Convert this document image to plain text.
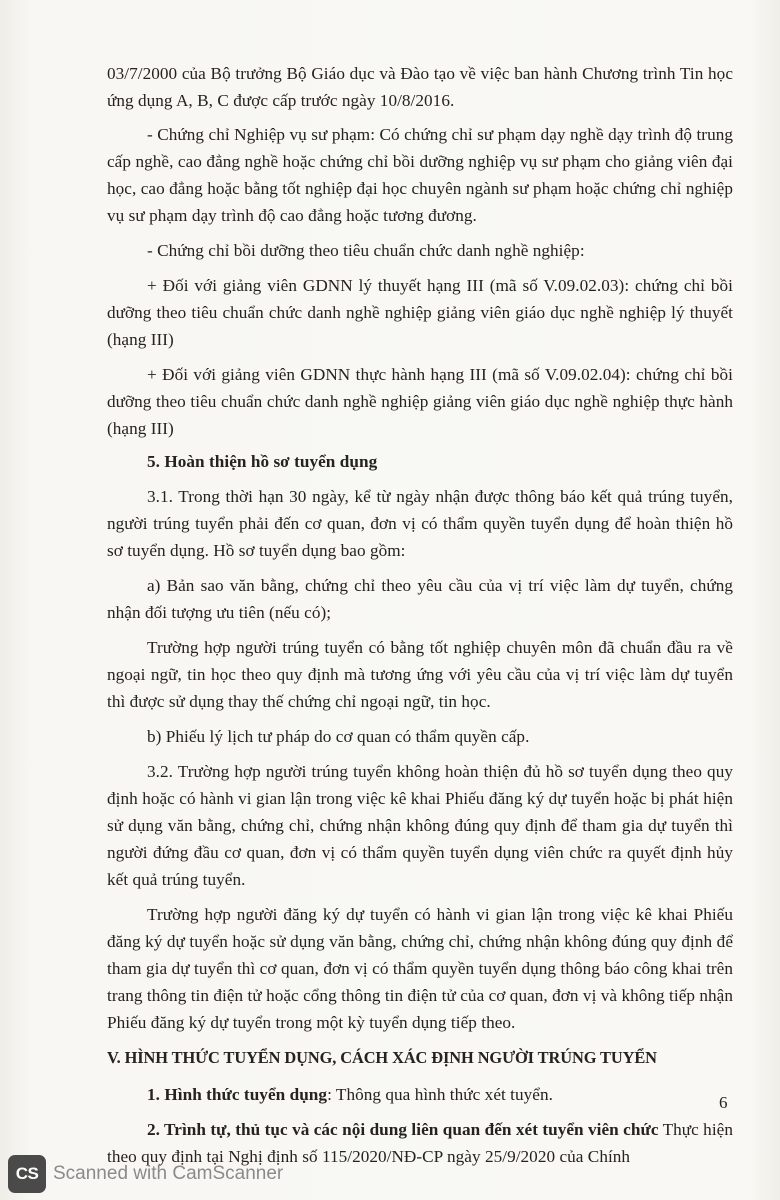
03/7/2000 của Bộ trưởng Bộ Giáo dục và Đào tạo về việc ban hành Chương trình Tin học ứng dụng A, B, C được cấp trước ngày 10/8/2016.

- Chứng chỉ Nghiệp vụ sư phạm: Có chứng chỉ sư phạm dạy nghề dạy trình độ trung cấp nghề, cao đẳng nghề hoặc chứng chỉ bồi dưỡng nghiệp vụ sư phạm cho giảng viên đại học, cao đẳng hoặc bằng tốt nghiệp đại học chuyên ngành sư phạm hoặc chứng chỉ nghiệp vụ sư phạm dạy trình độ cao đẳng hoặc tương đương.

- Chứng chỉ bồi dưỡng theo tiêu chuẩn chức danh nghề nghiệp:

+ Đối với giảng viên GDNN lý thuyết hạng III (mã số V.09.02.03): chứng chỉ bồi dưỡng theo tiêu chuẩn chức danh nghề nghiệp giảng viên giáo dục nghề nghiệp lý thuyết (hạng III)

+ Đối với giảng viên GDNN thực hành hạng III (mã số V.09.02.04): chứng chỉ bồi dưỡng theo tiêu chuẩn chức danh nghề nghiệp giảng viên giáo dục nghề nghiệp thực hành (hạng III)

5. Hoàn thiện hồ sơ tuyển dụng

3.1. Trong thời hạn 30 ngày, kể từ ngày nhận được thông báo kết quả trúng tuyển, người trúng tuyển phải đến cơ quan, đơn vị có thẩm quyền tuyển dụng để hoàn thiện hồ sơ tuyển dụng. Hồ sơ tuyển dụng bao gồm:

a) Bản sao văn bằng, chứng chỉ theo yêu cầu của vị trí việc làm dự tuyển, chứng nhận đối tượng ưu tiên (nếu có);

Trường hợp người trúng tuyển có bằng tốt nghiệp chuyên môn đã chuẩn đầu ra về ngoại ngữ, tin học theo quy định mà tương ứng với yêu cầu của vị trí việc làm dự tuyển thì được sử dụng thay thế chứng chỉ ngoại ngữ, tin học.

b) Phiếu lý lịch tư pháp do cơ quan có thẩm quyền cấp.

3.2. Trường hợp người trúng tuyển không hoàn thiện đủ hồ sơ tuyển dụng theo quy định hoặc có hành vi gian lận trong việc kê khai Phiếu đăng ký dự tuyển hoặc bị phát hiện sử dụng văn bằng, chứng chỉ, chứng nhận không đúng quy định để tham gia dự tuyển thì người đứng đầu cơ quan, đơn vị có thẩm quyền tuyển dụng viên chức ra quyết định hủy kết quả trúng tuyển.

Trường hợp người đăng ký dự tuyển có hành vi gian lận trong việc kê khai Phiếu đăng ký dự tuyển hoặc sử dụng văn bằng, chứng chỉ, chứng nhận không đúng quy định để tham gia dự tuyển thì cơ quan, đơn vị có thẩm quyền tuyển dụng thông báo công khai trên trang thông tin điện tử hoặc cổng thông tin điện tử của cơ quan, đơn vị và không tiếp nhận Phiếu đăng ký dự tuyển trong một kỳ tuyển dụng tiếp theo.

V. HÌNH THỨC TUYỂN DỤNG, CÁCH XÁC ĐỊNH NGƯỜI TRÚNG TUYỂN

1. Hình thức tuyển dụng: Thông qua hình thức xét tuyển.

2. Trình tự, thủ tục và các nội dung liên quan đến xét tuyển viên chức Thực hiện theo quy định tại Nghị định số 115/2020/NĐ-CP ngày 25/9/2020 của Chính

6
CS Scanned with CamScanner
